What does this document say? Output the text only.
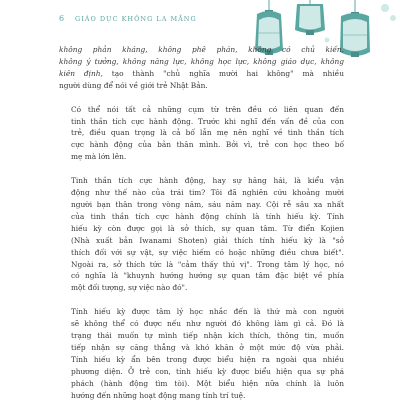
6 GIÁO DỤC KHÔNG LA MẮNG

không phản kháng, không phê phán, không có chủ kiến,
không ý tưởng, không năng lực, không học lực, không giáo dục, không
kiên định, tạo thành "chủ nghĩa mười hai không" mà nhiều
người dùng để nói về giới trẻ Nhật Bản.

Có thể nói tất cả những cụm từ trên đều có liên quan đến
tinh thần tích cực hành động. Trước khi nghĩ đến vấn đề của con
trẻ, điều quan trọng là cả bố lẫn mẹ nên nghĩ về tinh thần tích
cực hành động của bản thân mình. Bởi vì, trẻ con học theo bố
mẹ mà lớn lên.

Tinh thần tích cực hành động, hay sự hăng hái, là kiểu vận
động như thế nào của trái tim? Tôi đã nghiên cứu khoảng mười
người bạn thân trong vòng năm, sáu năm nay. Cội rễ sâu xa nhất
của tinh thần tích cực hành động chính là tính hiếu kỳ. Tính
hiếu kỳ còn được gọi là sở thích, sự quan tâm. Từ điển Kojien
(Nhà xuất bản Iwanami Shoten) giải thích tính hiếu kỳ là "sở
thích đối với sự vật, sự việc hiếm có hoặc những điều chưa biết".
Ngoài ra, sở thích tức là "cảm thấy thú vị". Trong tâm lý học, nó
có nghĩa là "khuynh hướng hướng sự quan tâm đặc biệt về phía
một đối tượng, sự việc nào đó".

Tính hiếu kỳ được tâm lý học nhắc đến là thứ mà con người
sẽ không thể có được nếu như người đó không làm gì cả. Đó là
trạng thái muốn tự mình tiếp nhận kích thích, thông tin, muốn
tiếp nhận sự căng thẳng và khó khăn ở một mức độ vừa phải.
Tính hiếu kỳ ẩn bên trong được biểu hiện ra ngoài qua nhiều
phương diện. Ở trẻ con, tính hiếu kỳ được biểu hiện qua sự phá
phách (hành động tìm tòi). Một biểu hiện nữa chính là luôn
hướng đến những hoạt động mang tính trí tuệ.
